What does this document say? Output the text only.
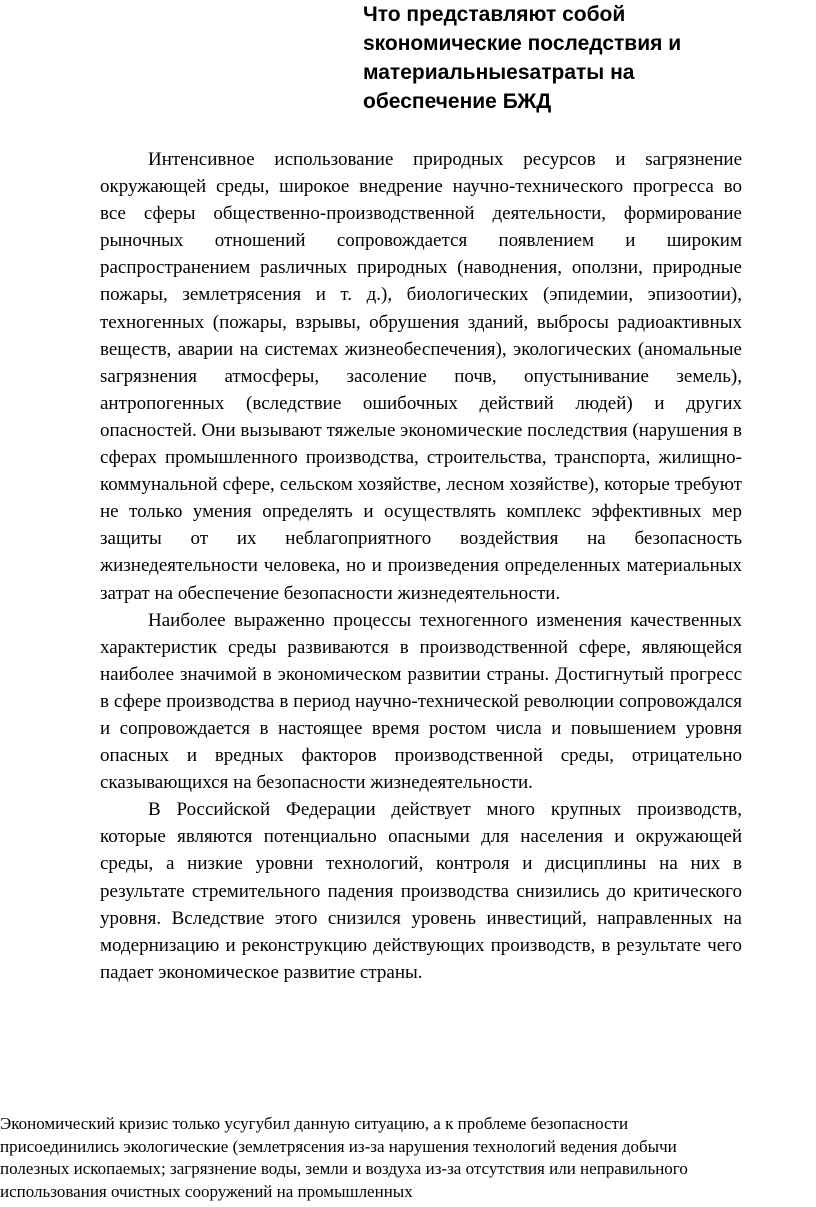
Что представляют собой
sкономические последствия и
материальныеsатраты на
обеспечение БЖД

Интенсивное использование природных ресурсов и sагрязнение окружающей среды, широкое внедрение научно-технического прогресса во все сферы общественно-производственной деятельности, формирование рыночных отношений сопровождается появлением и широким распространением раsличных природных (наводнения, оползни, природные пожары, землетрясения и т. д.), биологических (эпидемии, эпизоотии), техногенных (пожары, взрывы, обрушения зданий, выбросы радиоактивных веществ, аварии на системах жизнеобеспечения), экологических (аномальные sагрязнения атмосферы, засоление почв, опустынивание земель), антропогенных (вследствие ошибочных действий людей) и других опасностей. Они вызывают тяжелые экономические последствия (нарушения в сферах промышленного производства, строительства, транспорта, жилищно-коммунальной сфере, сельском хозяйстве, лесном хозяйстве), которые требуют не только умения определять и осуществлять комплекс эффективных мер защиты от их неблагоприятного воздействия на безопасность жизнедеятельности человека, но и произведения определенных материальных затрат на обеспечение безопасности жизнедеятельности.

Наиболее выраженно процессы техногенного изменения качественных характеристик среды развиваются в производственной сфере, являющейся наиболее значимой в экономическом развитии страны. Достигнутый прогресс в сфере производства в период научно-технической революции сопровождался и сопровождается в настоящее время ростом числа и повышением уровня опасных и вредных факторов производственной среды, отрицательно сказывающихся на безопасности жизнедеятельности.

В Российской Федерации действует много крупных производств, которые являются потенциально опасными для населения и окружающей среды, а низкие уровни технологий, контроля и дисциплины на них в результате стремительного падения производства снизились до критического уровня. Вследствие этого снизился уровень инвестиций, направленных на модернизацию и реконструкцию действующих производств, в результате чего падает экономическое развитие страны.

Экономический кризис только усугубил данную ситуацию, а к проблеме безопасности
присоединились экологические (землетрясения из-за нарушения технологий ведения добычи
полезных ископаемых; загрязнение воды, земли и воздуха из-за отсутствия или неправильного
использования очистных сооружений на промышленных
